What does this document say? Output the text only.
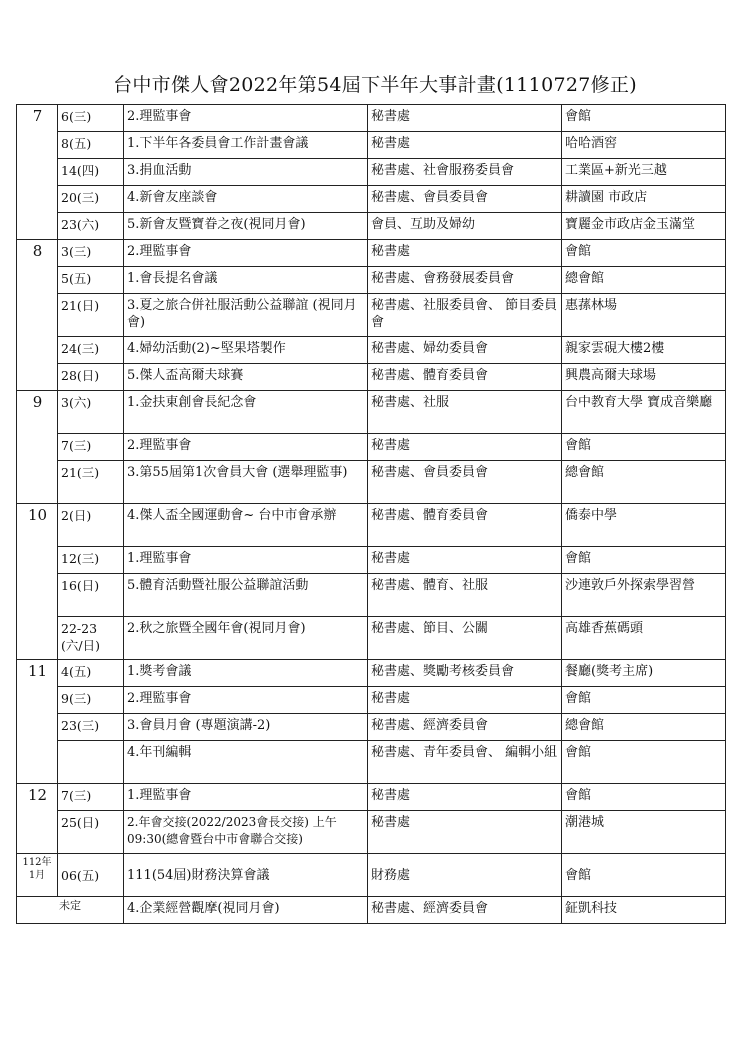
台中市傑人會2022年第54屆下半年大事計畫(1110727修正)
7	6(三)	2.理監事會	秘書處	會館
	8(五)	1.下半年各委員會工作計畫會議	秘書處	哈哈酒窖
	14(四)	3.捐血活動	秘書處、社會服務委員會	工業區+新光三越
	20(三)	4.新會友座談會	秘書處、會員委員會	耕讀園 市政店
	23(六)	5.新會友暨寶眷之夜(視同月會)	會員、互助及婦幼	寶麗金市政店金玉滿堂
8	3(三)	2.理監事會	秘書處	會館
	5(五)	1.會長提名會議	秘書處、會務發展委員會	總會館
	21(日)	3.夏之旅合併社服活動公益聯誼 (視同月會)	秘書處、社服委員會、 節目委員會	惠蓀林場
	24(三)	4.婦幼活動(2)~堅果塔製作	秘書處、婦幼委員會	親家雲硯大樓2樓
	28(日)	5.傑人盃高爾夫球賽	秘書處、體育委員會	興農高爾夫球場
9	3(六)	1.金扶東創會長紀念會	秘書處、社服	台中教育大學 寶成音樂廳
	7(三)	2.理監事會	秘書處	會館
	21(三)	3.第55屆第1次會員大會 (選舉理監事)	秘書處、會員委員會	總會館
10	2(日)	4.傑人盃全國運動會~ 台中市會承辦	秘書處、體育委員會	僑泰中學
	12(三)	1.理監事會	秘書處	會館
	16(日)	5.體育活動暨社服公益聯誼活動	秘書處、體育、社服	沙連敦戶外探索學習營
	22-23 (六/日)	2.秋之旅暨全國年會(視同月會)	秘書處、節目、公關	高雄香蕉碼頭
11	4(五)	1.獎考會議	秘書處、獎勵考核委員會	餐廳(獎考主席)
	9(三)	2.理監事會	秘書處	會館
	23(三)	3.會員月會 (專題演講-2)	秘書處、經濟委員會	總會館
		4.年刊編輯	秘書處、青年委員會、 編輯小組	會館
12	7(三)	1.理監事會	秘書處	會館
	25(日)	2.年會交接(2022/2023會長交接) 上午09:30(總會暨台中市會聯合交接)	秘書處	潮港城
112年 1月	06(五)	111(54屆)財務決算會議	財務處	會館
未定		4.企業經營觀摩(視同月會)	秘書處、經濟委員會	鉦凱科技
